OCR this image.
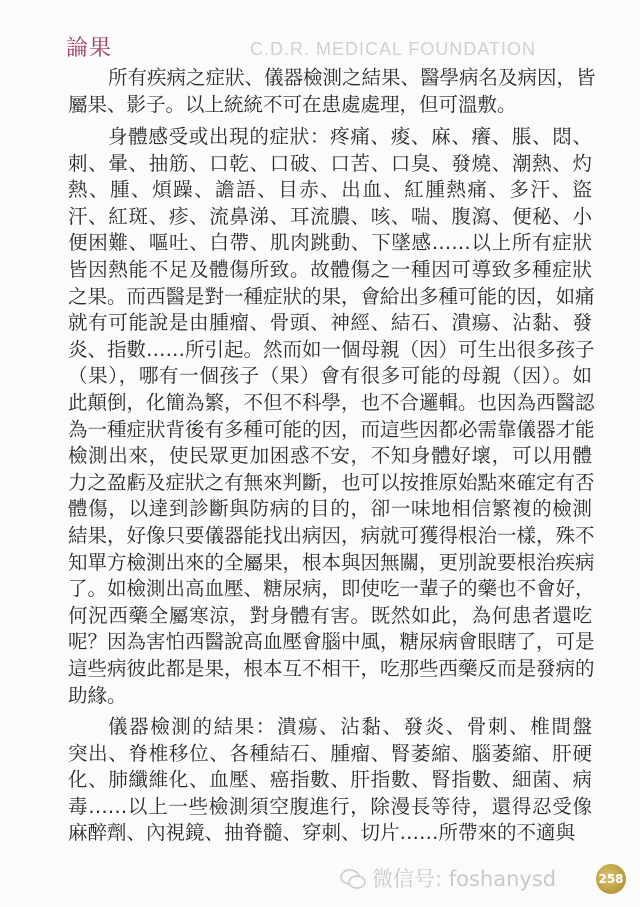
論果
所有疾病之症狀、儀器檢測之結果、醫學病名及病因，皆
屬果、影子。以上統統不可在患處處理，但可溫敷。
身體感受或出現的症狀：疼痛、痠、麻、癢、脹、悶、
刺、暈、抽筋、口乾、口破、口苦、口臭、發燒、潮熱、灼
熱、腫、煩躁、譫語、目赤、出血、紅腫熱痛、多汗、盜
汗、紅斑、疹、流鼻涕、耳流膿、咳、喘、腹瀉、便秘、小
便困難、嘔吐、白帶、肌肉跳動、下墜感……以上所有症狀
皆因熱能不足及體傷所致。故體傷之一種因可導致多種症狀
之果。而西醫是對一種症狀的果，會給出多種可能的因，如痛
就有可能說是由腫瘤、骨頭、神經、結石、潰瘍、沾黏、發
炎、指數……所引起。然而如一個母親（因）可生出很多孩子
（果），哪有一個孩子（果）會有很多可能的母親（因）。如
此顛倒，化簡為繁，不但不科學，也不合邏輯。也因為西醫認
為一種症狀背後有多種可能的因，而這些因都必需靠儀器才能
檢測出來，使民眾更加困惑不安，不知身體好壞，可以用體
力之盈虧及症狀之有無來判斷，也可以按推原始點來確定有否
體傷，以達到診斷與防病的目的，卻一味地相信繁複的檢測
結果，好像只要儀器能找出病因，病就可獲得根治一樣，殊不
知單方檢測出來的全屬果，根本與因無關，更別說要根治疾病
了。如檢測出高血壓、糖尿病，即使吃一輩子的藥也不會好，
何況西藥全屬寒涼，對身體有害。既然如此，為何患者還吃
呢？因為害怕西醫說高血壓會腦中風，糖尿病會眼瞎了，可是
這些病彼此都是果，根本互不相干，吃那些西藥反而是發病的
助緣。
儀器檢測的結果：潰瘍、沾黏、發炎、骨刺、椎間盤
突出、脊椎移位、各種結石、腫瘤、腎萎縮、腦萎縮、肝硬
化、肺纖維化、血壓、癌指數、肝指數、腎指數、細菌、病
毒……以上一些檢測須空腹進行，除漫長等待，還得忍受像
麻醉劑、內視鏡、抽脊髓、穿刺、切片……所帶來的不適與
C.D.R. MEDICAL FOUNDATION
微信号: foshanysd	258
